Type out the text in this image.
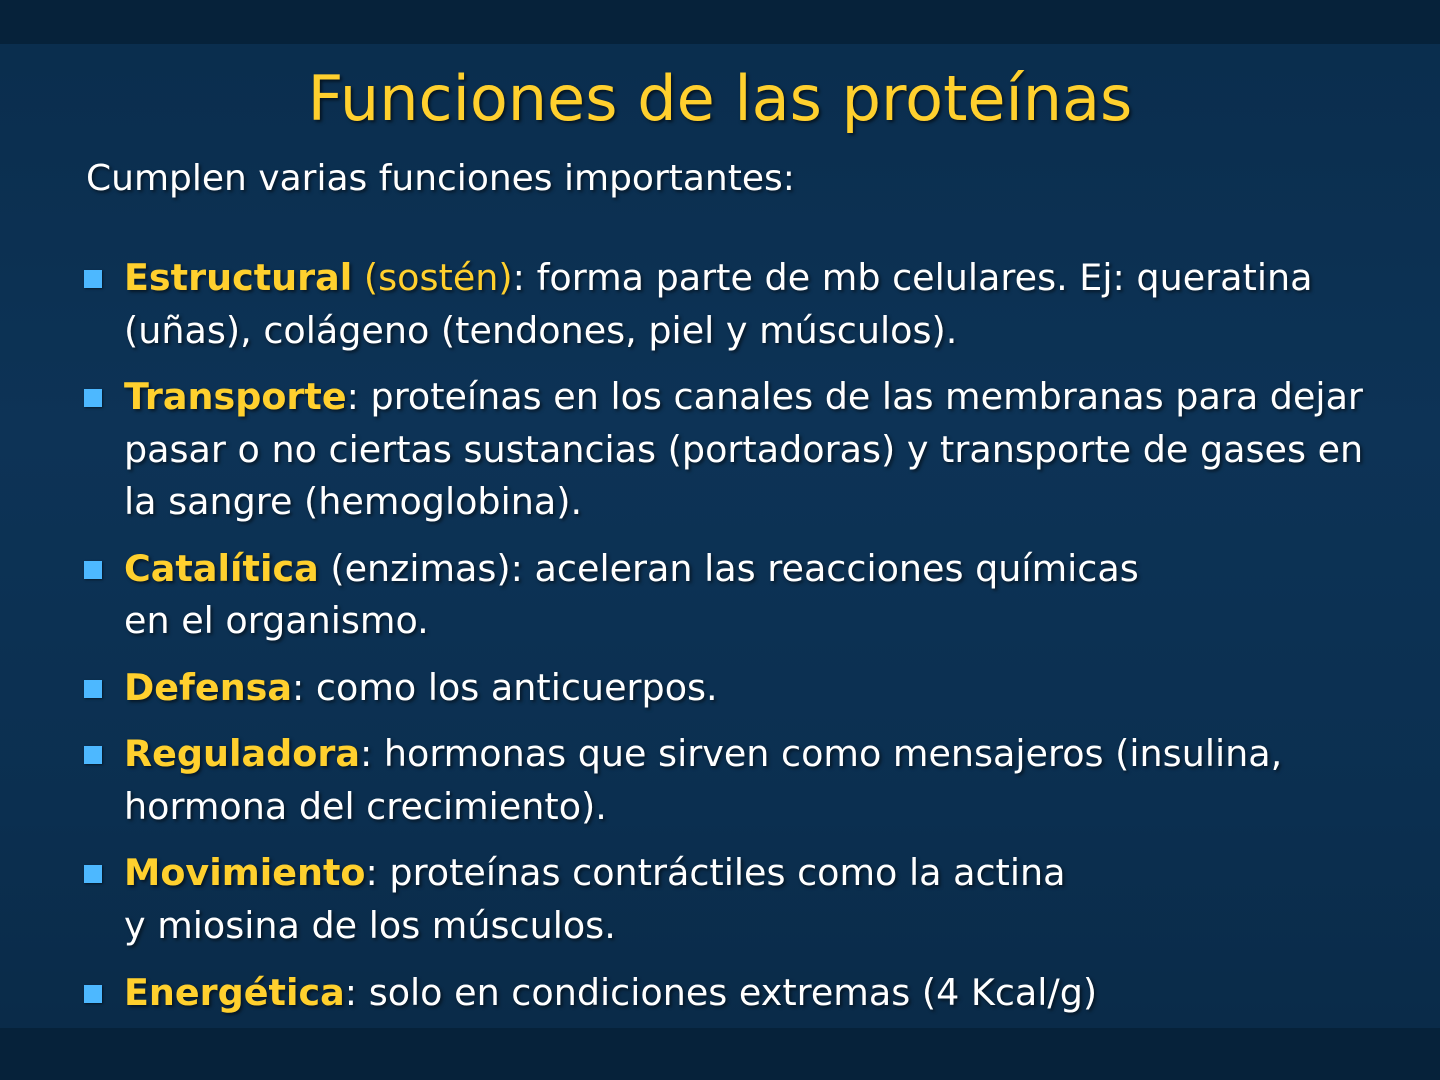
Funciones de las proteínas
Cumplen varias funciones importantes:
Estructural (sostén): forma parte de mb celulares. Ej: queratina (uñas), colágeno (tendones, piel y músculos).
Transporte: proteínas en los canales de las membranas para dejar pasar o no ciertas sustancias (portadoras) y transporte de gases en la sangre (hemoglobina).
Catalítica (enzimas): aceleran las reacciones químicas
en el organismo.
Defensa: como los anticuerpos.
Reguladora: hormonas que sirven como mensajeros (insulina, hormona del crecimiento).
Movimiento: proteínas contráctiles como la actina
y miosina de los músculos.
Energética: solo en condiciones extremas (4 Kcal/g)
